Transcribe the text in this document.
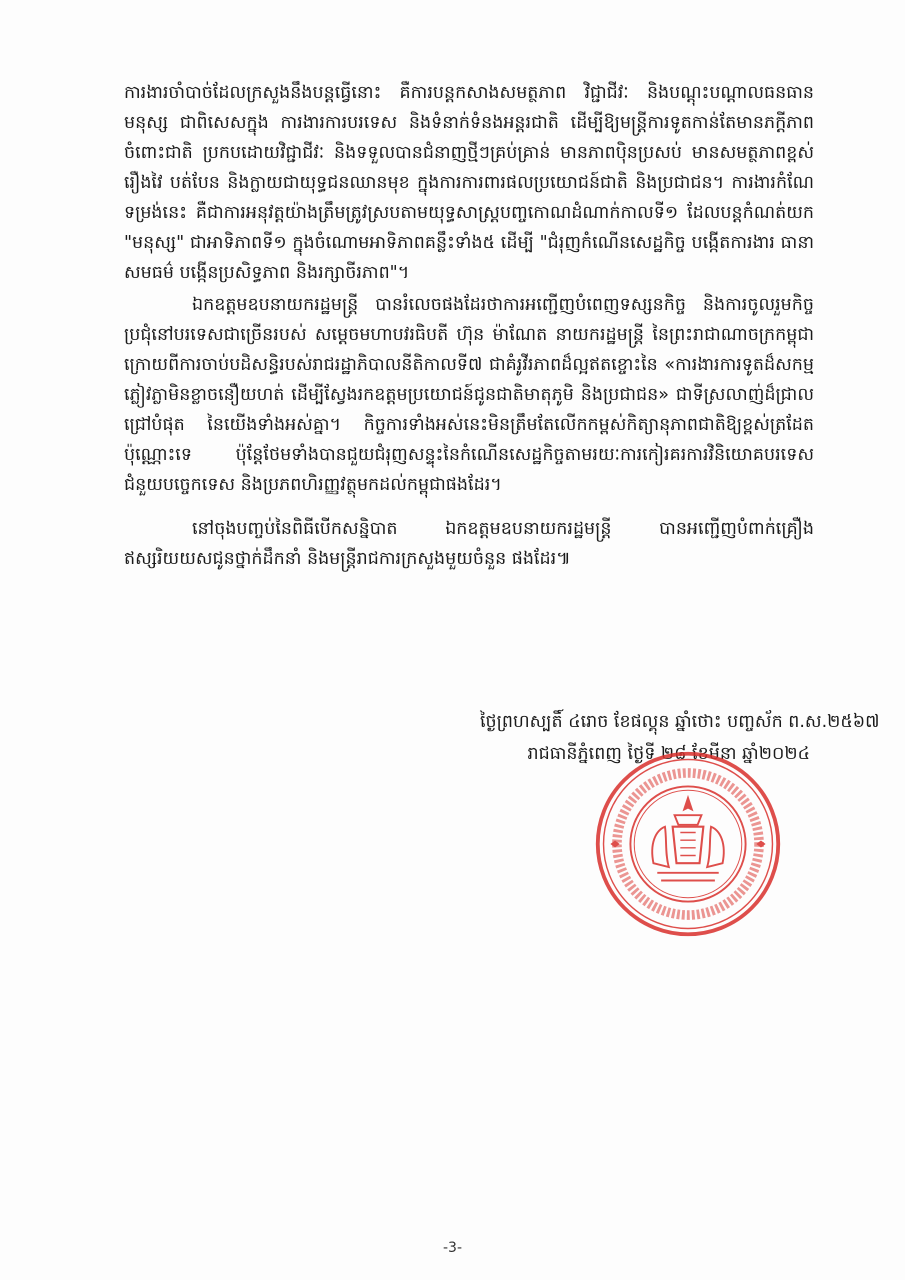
ការងារចាំបាច់ដែលក្រសួងនឹងបន្តធ្វើនោះ គឺការបន្តកសាងសមត្ថភាព វិជ្ជាជីវៈ និងបណ្ដុះបណ្ដាលធនធានមនុស្ស ជាពិសេសក្នុង ការងារការបរទេស និងទំនាក់ទំនងអន្តរជាតិ ដើម្បីឱ្យមន្ត្រីការទូតកាន់តែមានភក្ដីភាពចំពោះជាតិ ប្រកបដោយវិជ្ជាជីវៈ និងទទួលបានជំនាញថ្មីៗគ្រប់គ្រាន់ មានភាពប៉ិនប្រសប់ មានសមត្ថភាពខ្ពស់ រឿងវៃ បត់បែន និងក្លាយជាយុទ្ធជនឈានមុខ ក្នុងការការពារផលប្រយោជន៍ជាតិ និងប្រជាជន។ ការងារកំណែទម្រង់នេះ គឺជាការអនុវត្តយ៉ាងត្រឹមត្រូវស្របតាមយុទ្ធសាស្ត្របញ្ចកោណដំណាក់កាលទី១ ដែលបន្តកំណត់យក "មនុស្ស" ជាអាទិភាពទី១ ក្នុងចំណោមអាទិភាពគន្លឹះទាំង៥ ដើម្បី "ជំរុញកំណើនសេដ្ឋកិច្ច បង្កើតការងារ ធានាសមធម៌ បង្កើនប្រសិទ្ធភាព និងរក្សាចីរភាព"។

ឯកឧត្តមឧបនាយករដ្ឋមន្ត្រី បានរំលេចផងដែរថាការអញ្ជើញបំពេញទស្សនកិច្ច និងការចូលរួមកិច្ចប្រជុំនៅបរទេសជាច្រើនរបស់ សម្តេចមហាបវរធិបតី ហ៊ុន ម៉ាណែត នាយករដ្ឋមន្ត្រី នៃព្រះរាជាណាចក្រកម្ពុជា ក្រោយពីការចាប់បដិសន្ធិរបស់រាជរដ្ឋាភិបាលនីតិកាលទី៧ ជាគំរូវីរភាពដ៏ល្អឥតខ្ចោះនៃ «ការងារការទូតដ៏សកម្មភ្លៀវភ្លាមិនខ្លាចនឿយហត់ ដើម្បីស្វែងរកឧត្តមប្រយោជន៍ជូនជាតិមាតុភូមិ និងប្រជាជន» ជាទីស្រលាញ់ដ៏ជ្រាលជ្រៅបំផុត នៃយើងទាំងអស់គ្នា។ កិច្ចការទាំងអស់នេះមិនត្រឹមតែលើកកម្ពស់កិត្យានុភាពជាតិឱ្យខ្ពស់ត្រដែតប៉ុណ្ណោះទេ ប៉ុន្តែថែមទាំងបានជួយជំរុញសន្ទុះនៃកំណើនសេដ្ឋកិច្ចតាមរយៈការកៀរគរការវិនិយោគបរទេស ជំនួយបច្ចេកទេស និងប្រភពហិរញ្ញវត្ថុមកដល់កម្ពុជាផងដែរ។

នៅចុងបញ្ចប់នៃពិធីបើកសន្និបាត ឯកឧត្តមឧបនាយករដ្ឋមន្ត្រី បានអញ្ជើញបំពាក់គ្រឿងឥស្សរិយយសជូនថ្នាក់ដឹកនាំ និងមន្ត្រីរាជការក្រសួងមួយចំនួន ផងដែរ៕

ថ្ងៃព្រហស្បតិ៍ ៤រោច ខែផល្គុន ឆ្នាំថោះ បញ្ចស័ក ព.ស.២៥៦៧
រាជធានីភ្នំពេញ ថ្ងៃទី ២៨ ខែមីនា ឆ្នាំ២០២៤
-3-
